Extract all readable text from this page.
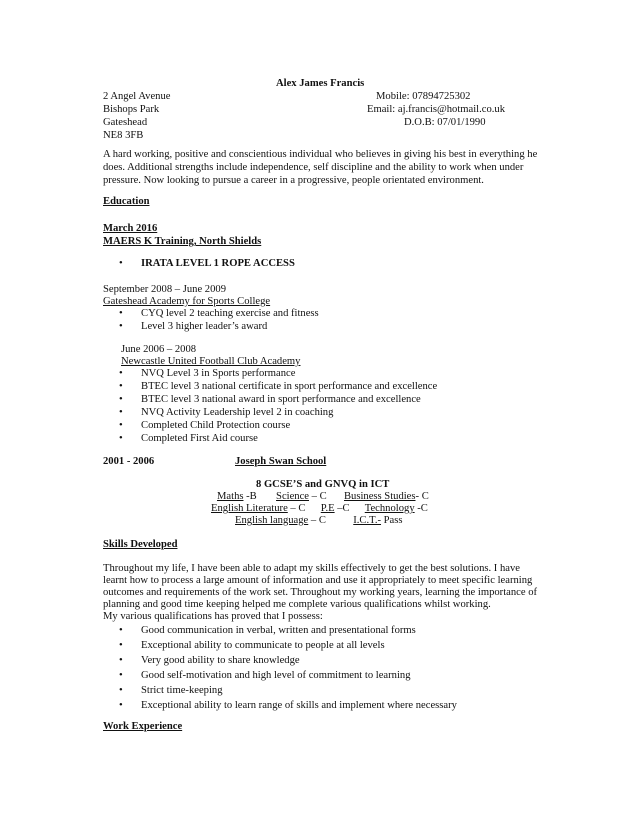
Alex James Francis
2 Angel Avenue
Bishops Park
Gateshead
NE8 3FB
Mobile: 07894725302
Email: aj.francis@hotmail.co.uk
D.O.B: 07/01/1990
A hard working, positive and conscientious individual who believes in giving his best in everything he
does. Additional strengths include independence, self discipline and the ability to work when under
pressure. Now looking to pursue a career in a progressive, people orientated environment.
Education
March 2016
MAERS K Training, North Shields
•
IRATA LEVEL 1 ROPE ACCESS
September 2008 – June 2009
Gateshead Academy for Sports College
•
CYQ level 2 teaching exercise and fitness
•
Level 3 higher leader’s award
June 2006 – 2008
Newcastle United Football Club Academy
•
NVQ Level 3 in Sports performance
•
BTEC level 3 national certificate in sport performance and excellence
•
BTEC level 3 national award in sport performance and excellence
•
NVQ Activity Leadership level 2 in coaching
•
Completed Child Protection course
•
Completed First Aid course
2001 - 2006	Joseph Swan School
8 GCSE’S and GNVQ in ICT
Maths -B Science – C Business Studies- C
English Literature – C P.E –C Technology -C
English language – C	I.C.T.- Pass
Skills Developed
Throughout my life, I have been able to adapt my skills effectively to get the best solutions. I have
learnt how to process a large amount of information and use it appropriately to meet specific learning
outcomes and requirements of the work set. Throughout my working years, learning the importance of
planning and good time keeping helped me complete various qualifications whilst working.
My various qualifications has proved that I possess:
•
Good communication in verbal, written and presentational forms
•
Exceptional ability to communicate to people at all levels
•
Very good ability to share knowledge
•
Good self-motivation and high level of commitment to learning
•
Strict time-keeping
•
Exceptional ability to learn range of skills and implement where necessary
Work Experience
